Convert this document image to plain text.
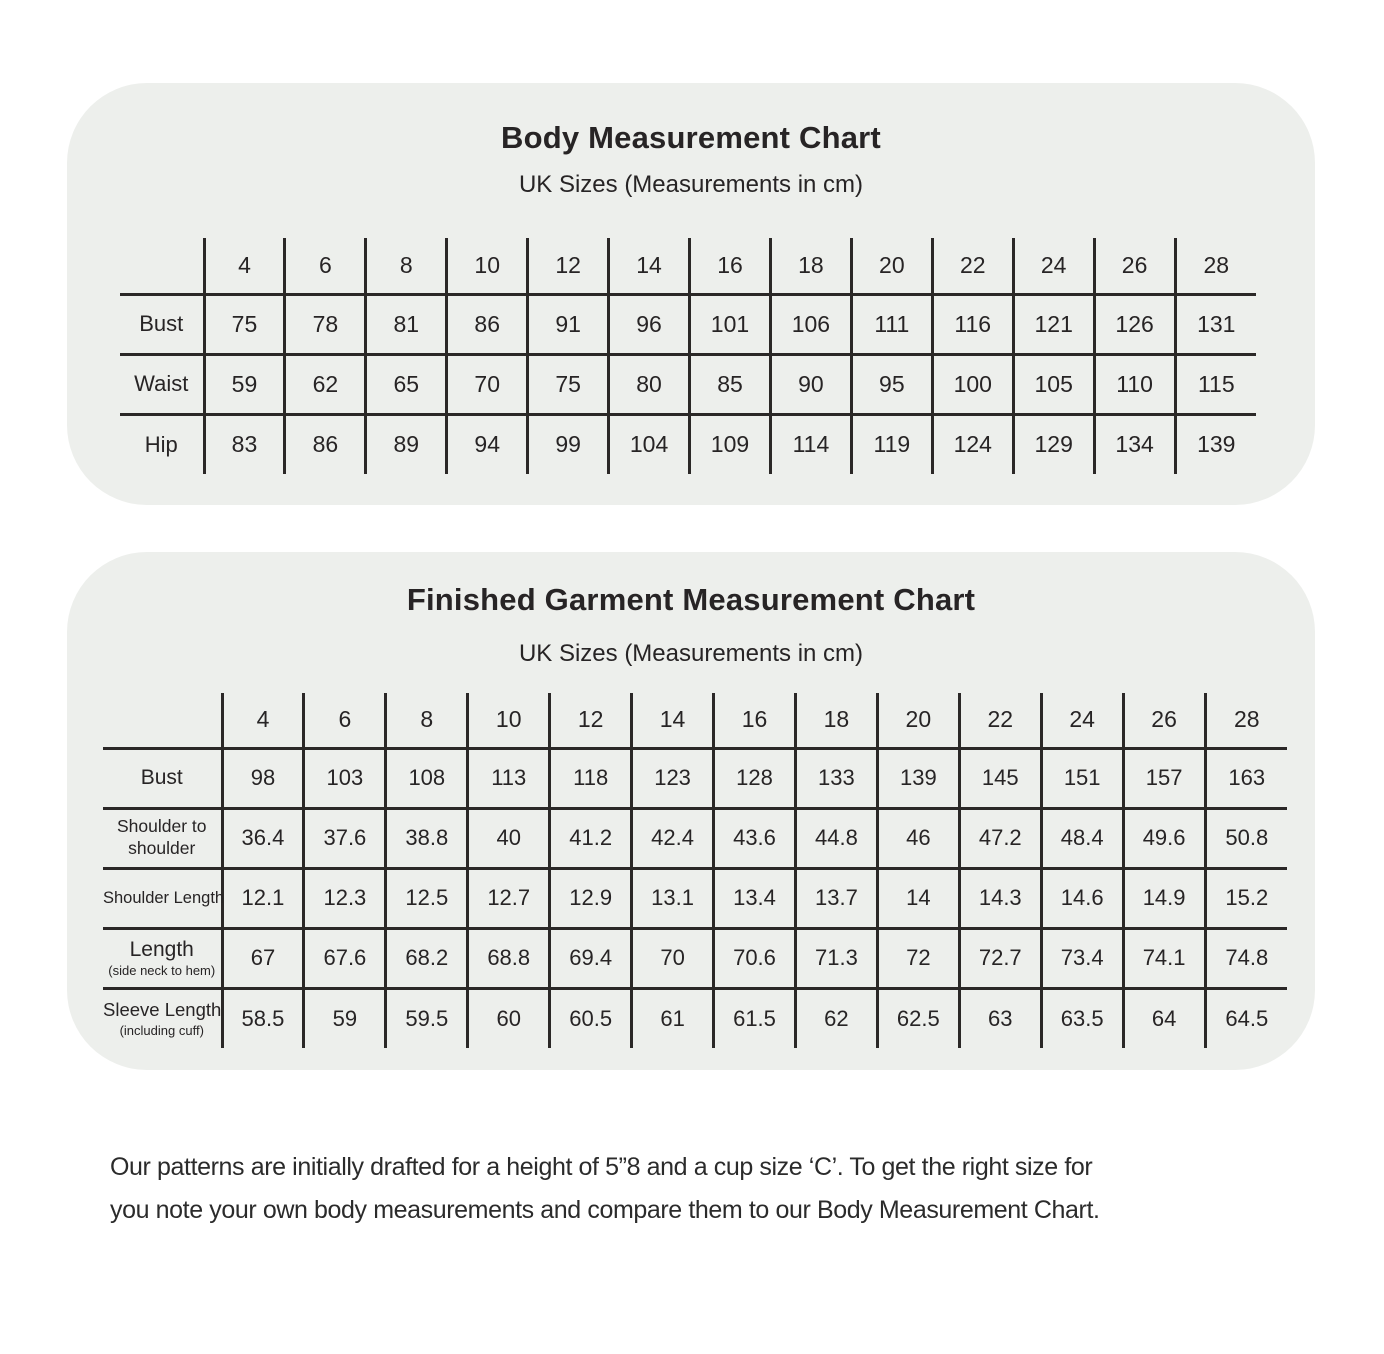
Body Measurement Chart

UK Sizes (Measurements in cm)

	4	6	8	10	12	14	16	18	20	22	24	26	28

Bust	75	78	81	86	91	96	101	106	111	116	121	126	131

Waist	59	62	65	70	75	80	85	90	95	100	105	110	115

Hip	83	86	89	94	99	104	109	114	119	124	129	134	139
Finished Garment Measurement Chart

UK Sizes (Measurements in cm)

	4	6	8	10	12	14	16	18	20	22	24	26	28

Bust	98	103	108	113	118	123	128	133	139	145	151	157	163

Shoulder to shoulder	36.4	37.6	38.8	40	41.2	42.4	43.6	44.8	46	47.2	48.4	49.6	50.8

Shoulder Length	12.1	12.3	12.5	12.7	12.9	13.1	13.4	13.7	14	14.3	14.6	14.9	15.2

Length
(side neck to hem)	67	67.6	68.2	68.8	69.4	70	70.6	71.3	72	72.7	73.4	74.1	74.8

Sleeve Length
(including cuff)	58.5	59	59.5	60	60.5	61	61.5	62	62.5	63	63.5	64	64.5

Our patterns are initially drafted for a height of 5”8 and a cup size ‘C’. To get the right size for
you note your own body measurements and compare them to our Body Measurement Chart.
